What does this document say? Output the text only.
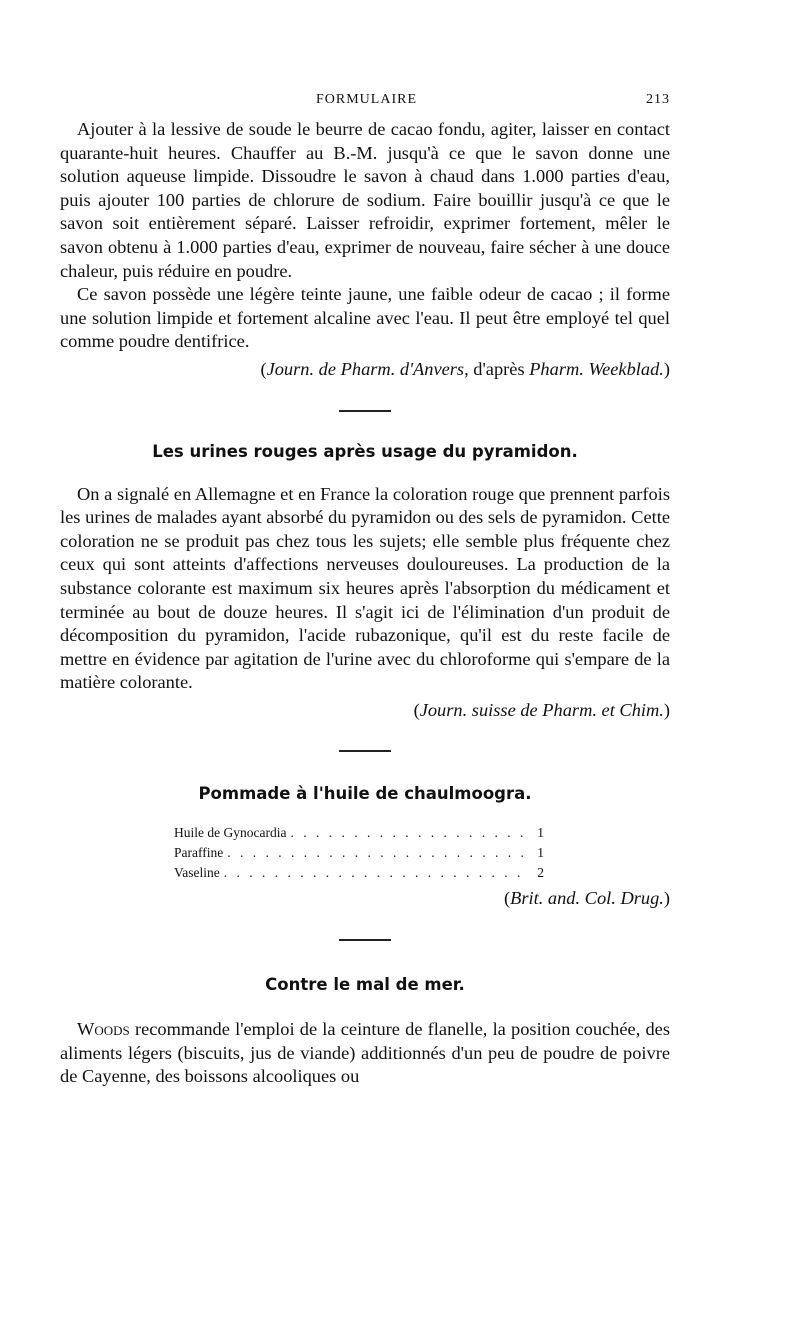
FORMULAIRE	213

Ajouter à la lessive de soude le beurre de cacao fondu, agiter, laisser en contact quarante-huit heures. Chauffer au B.-M. jusqu'à ce que le savon donne une solution aqueuse limpide. Dissoudre le savon à chaud dans 1.000 parties d'eau, puis ajouter 100 parties de chlorure de sodium. Faire bouillir jusqu'à ce que le savon soit entièrement séparé. Laisser refroidir, exprimer fortement, mêler le savon obtenu à 1.000 parties d'eau, exprimer de nouveau, faire sécher à une douce chaleur, puis réduire en poudre.

Ce savon possède une légère teinte jaune, une faible odeur de cacao ; il forme une solution limpide et fortement alcaline avec l'eau. Il peut être employé tel quel comme poudre dentifrice.

(Journ. de Pharm. d'Anvers, d'après Pharm. Weekblad.)
Les urines rouges après usage du pyramidon.

On a signalé en Allemagne et en France la coloration rouge que prennent parfois les urines de malades ayant absorbé du pyramidon ou des sels de pyramidon. Cette coloration ne se produit pas chez tous les sujets; elle semble plus fréquente chez ceux qui sont atteints d'affections nerveuses douloureuses. La production de la substance colorante est maximum six heures après l'absorption du médicament et terminée au bout de douze heures. Il s'agit ici de l'élimination d'un produit de décomposition du pyramidon, l'acide rubazonique, qu'il est du reste facile de mettre en évidence par agitation de l'urine avec du chloroforme qui s'empare de la matière colorante.

(Journ. suisse de Pharm. et Chim.)
Pommade à l'huile de chaulmoogra.
Huile de Gynocardia . . .	1
Paraffine . . .	1
Vaseline . . .	2
(Brit. and. Col. Drug.)
Contre le mal de mer.

Woods recommande l'emploi de la ceinture de flanelle, la position couchée, des aliments légers (biscuits, jus de viande) additionnés d'un peu de poudre de poivre de Cayenne, des boissons alcooliques ou
